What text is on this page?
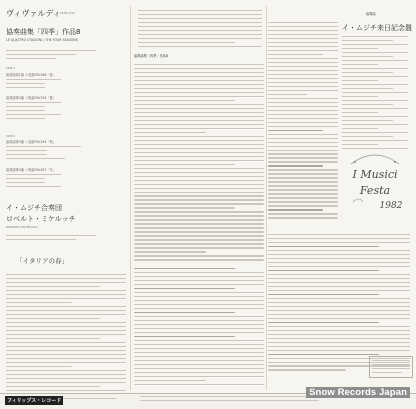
ヴィヴァルディ 1678-1741
協奏曲集「四季」作品8
LE QUATTRO STAGIONI / THE FOUR SEASONS
SIDE 1
協奏曲第1番 ホ長調 RV.269「春」
協奏曲第2番 ト短調 RV.315「夏」
SIDE 2
協奏曲第3番 ヘ長調 RV.293「秋」
協奏曲第4番 ヘ短調 RV.297「冬」
イ・ムジチ合奏団
ロベルト・ミケルッチ
ROBERTO MICHELUCCI
「イタリアの春」
協奏曲集「四季」作品8
協奏曲
イ・ムジチ来日記念盤
I Musici
Festa
1982
フィリップス・レコード
Snow Records Japan
